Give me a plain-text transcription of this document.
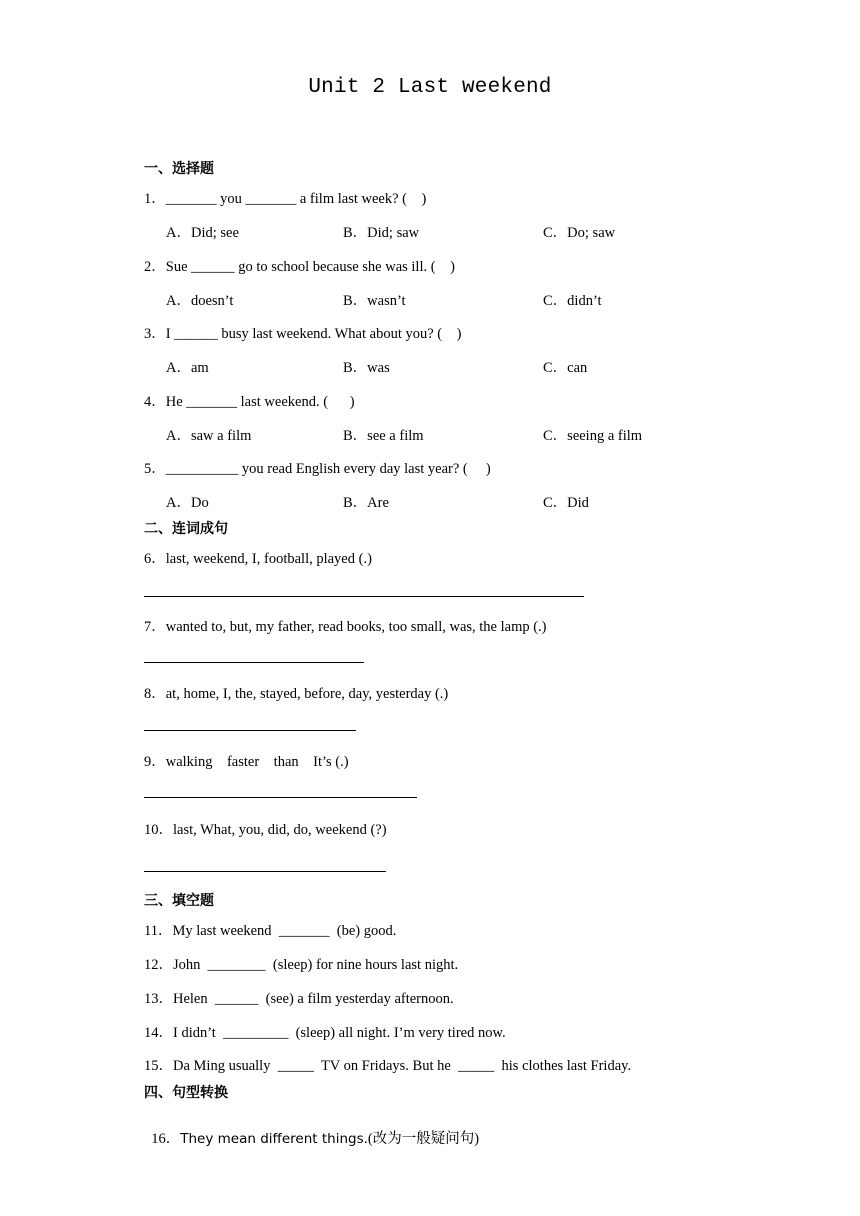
Unit 2 Last weekend
一、选择题
1．_______ you _______ a film last week? (    )
A．Did; see	B．Did; saw	C．Do; saw
2．Sue ______ go to school because she was ill. (    )
A．doesn’t	B．wasn’t	C．didn’t
3．I ______ busy last weekend. What about you? (    )
A．am	B．was	C．can
4．He _______ last weekend. (      )
A．saw a film	B．see a film	C．seeing a film
5．__________ you read English every day last year? (     )
A．Do	B．Are	C．Did
二、连词成句
6．last, weekend, I, football, played (.)
7．wanted to, but, my father, read books, too small, was, the lamp (.)
8．at, home, I, the, stayed, before, day, yesterday (.)
9．walking    faster    than    It’s (.)
10．last, What, you, did, do, weekend (?)
三、填空题
11．My last weekend  _______  (be) good.
12．John  ________  (sleep) for nine hours last night.
13．Helen  ______  (see) a film yesterday afternoon.
14．I didn’t  _________  (sleep) all night. I’m very tired now.
15．Da Ming usually  _____  TV on Fridays. But he  _____  his clothes last Friday.
四、句型转换

16．They mean different things.(改为一般疑问句)
